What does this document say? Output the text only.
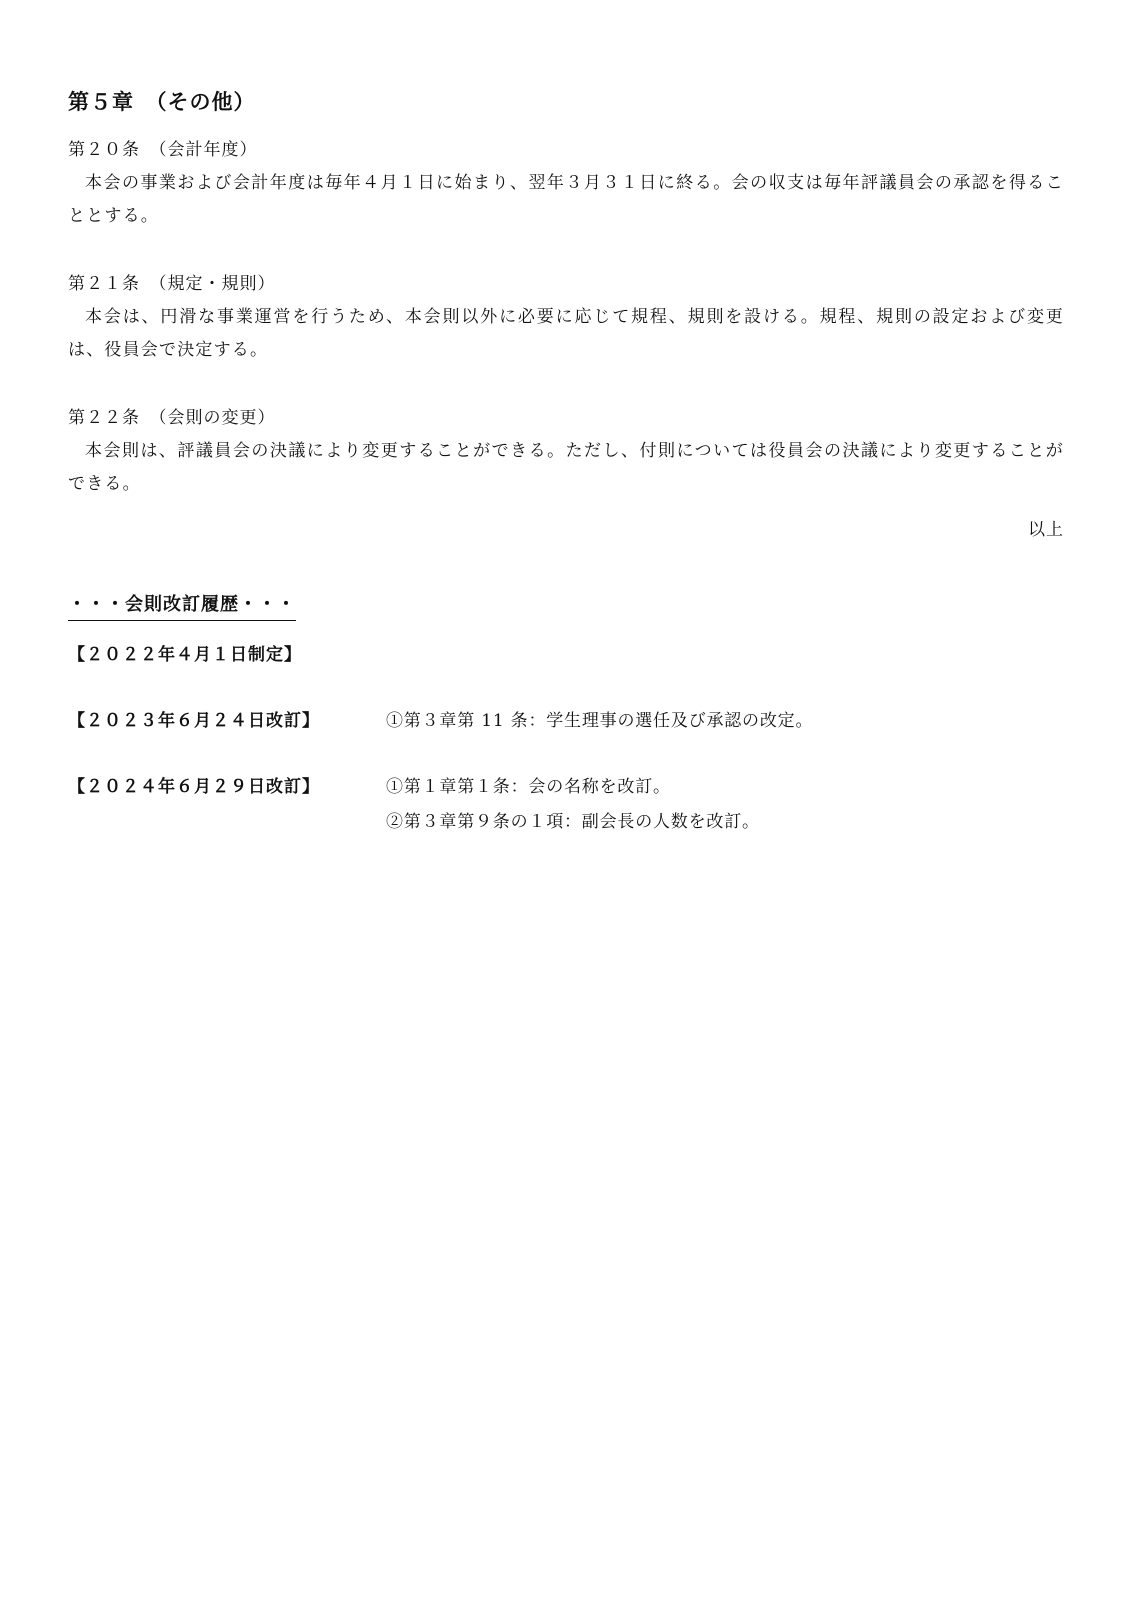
第５章　（その他）
第２０条　（会計年度）
本会の事業および会計年度は毎年４月１日に始まり、翌年３月３１日に終る。会の収支は毎年評議員会の承認を得ることとする。
第２１条　（規定・規則）
本会は、円滑な事業運営を行うため、本会則以外に必要に応じて規程、規則を設ける。規程、規則の設定および変更は、役員会で決定する。
第２２条　（会則の変更）
本会則は、評議員会の決議により変更することができる。ただし、付則については役員会の決議により変更することができる。
以上
・・・会則改訂履歴・・・
【２０２２年４月１日制定】
【２０２３年６月２４日改訂】	①第３章第 11 条：学生理事の選任及び承認の改定。
【２０２４年６月２９日改訂】	①第１章第１条：会の名称を改訂。
②第３章第９条の１項：副会長の人数を改訂。
